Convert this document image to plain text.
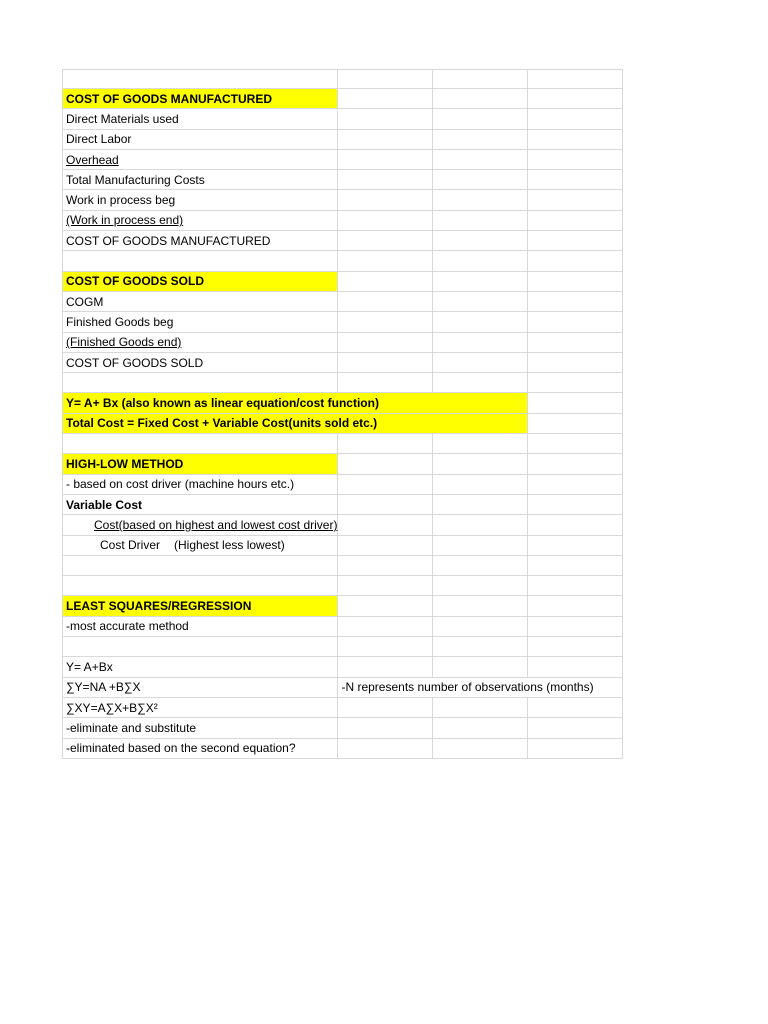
COST OF GOODS MANUFACTURED			
Direct Materials used			
Direct Labor			
Overhead			
Total Manufacturing Costs			
Work in process beg			
(Work in process end)			
COST OF GOODS MANUFACTURED			

COST OF GOODS SOLD			
COGM			
Finished Goods beg			
(Finished Goods end)			
COST OF GOODS SOLD			

Y= A+ Bx (also known as linear equation/cost function)			
Total Cost = Fixed Cost + Variable Cost(units sold etc.)			

HIGH-LOW METHOD			
- based on cost driver (machine hours etc.)			
Variable Cost			
Cost(based on highest and lowest cost driver)			
Cost Driver (Highest less lowest)			

LEAST SQUARES/REGRESSION			
-most accurate method			

Y= A+Bx			
∑Y=NA +B∑X	-N represents number of observations (months)		
∑XY=A∑X+B∑X²			
-eliminate and substitute			
-eliminated based on the second equation?			
